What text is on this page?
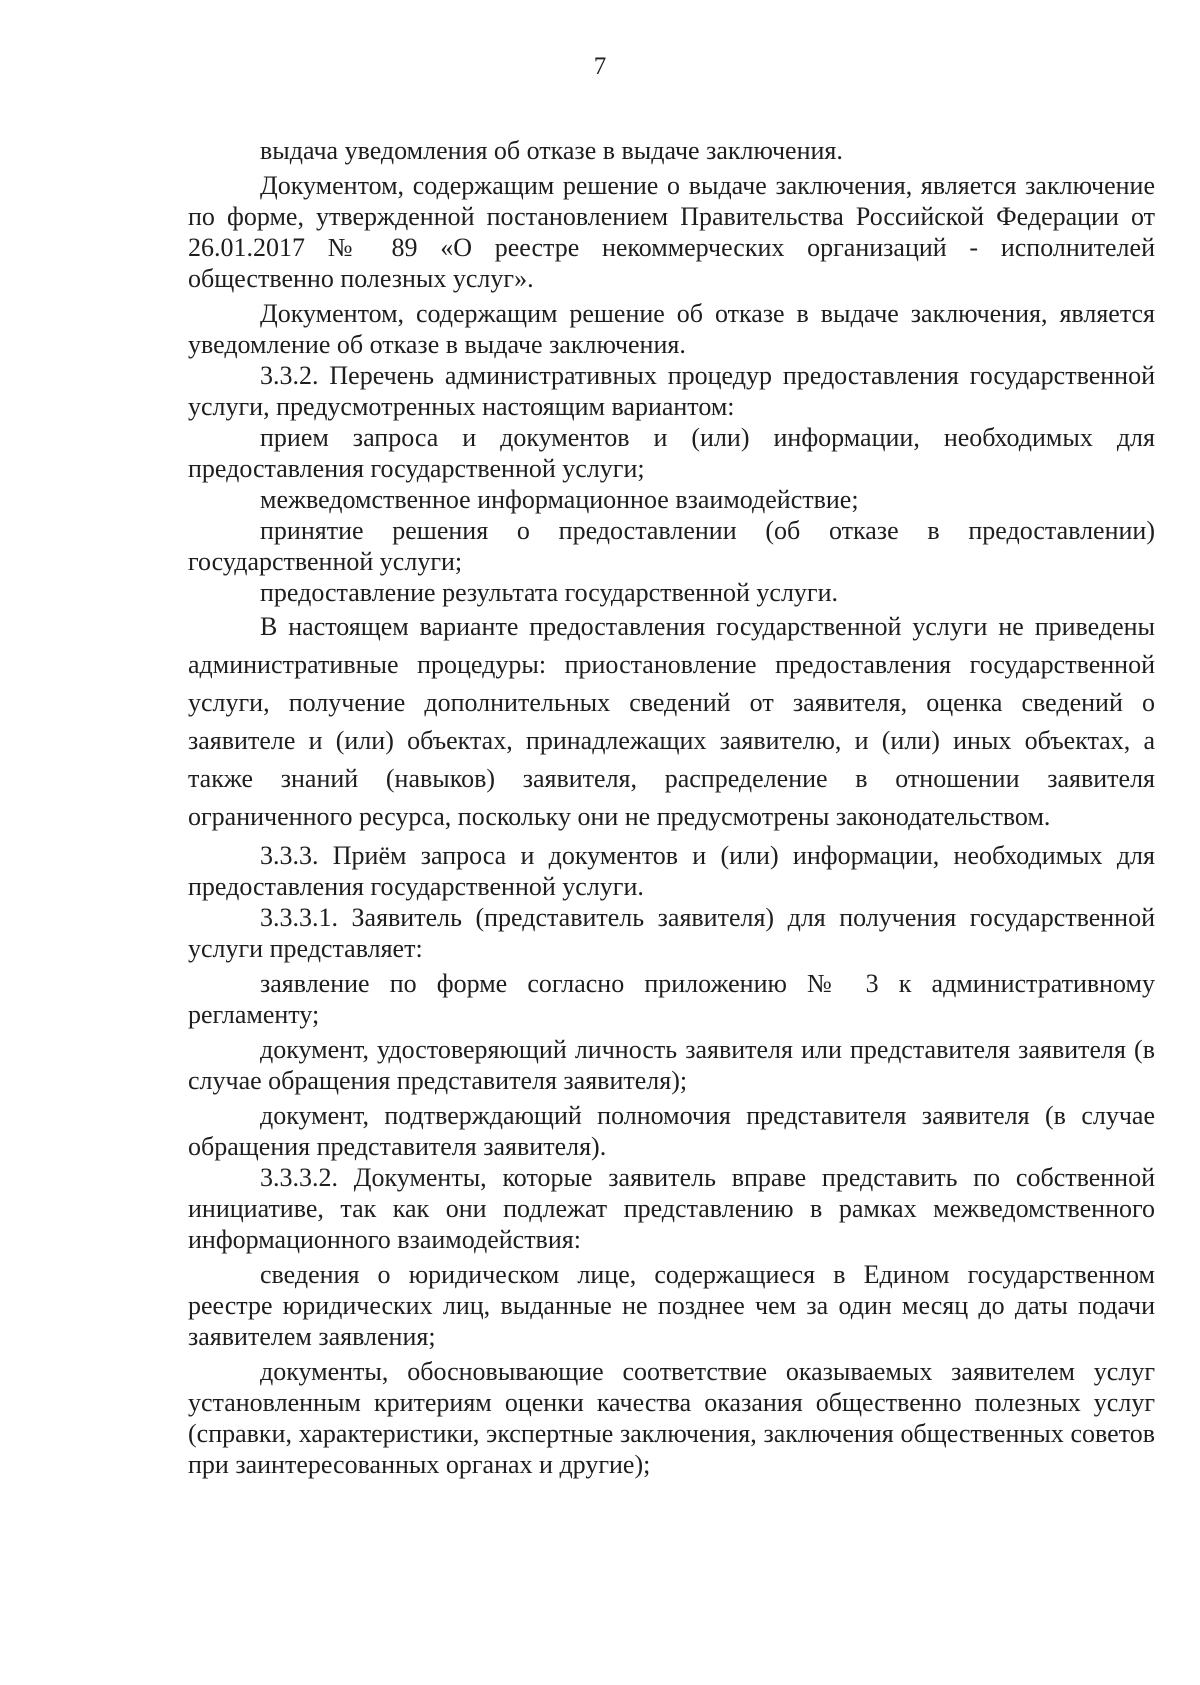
7

выдача уведомления об отказе в выдаче заключения.

Документом, содержащим решение о выдаче заключения, является заключение по форме, утвержденной постановлением Правительства Российской Федерации от 26.01.2017 № 89 «О реестре некоммерческих организаций - исполнителей общественно полезных услуг».

Документом, содержащим решение об отказе в выдаче заключения, является уведомление об отказе в выдаче заключения.

3.3.2. Перечень административных процедур предоставления государственной услуги, предусмотренных настоящим вариантом:

прием запроса и документов и (или) информации, необходимых для предоставления государственной услуги;

межведомственное информационное взаимодействие;

принятие решения о предоставлении (об отказе в предоставлении) государственной услуги;

предоставление результата государственной услуги.

В настоящем варианте предоставления государственной услуги не приведены административные процедуры: приостановление предоставления государственной услуги, получение дополнительных сведений от заявителя, оценка сведений о заявителе и (или) объектах, принадлежащих заявителю, и (или) иных объектах, а также знаний (навыков) заявителя, распределение в отношении заявителя ограниченного ресурса, поскольку они не предусмотрены законодательством.

3.3.3. Приём запроса и документов и (или) информации, необходимых для предоставления государственной услуги.

3.3.3.1. Заявитель (представитель заявителя) для получения государственной услуги представляет:

заявление по форме согласно приложению № 3 к административному регламенту;

документ, удостоверяющий личность заявителя или представителя заявителя (в случае обращения представителя заявителя);

документ, подтверждающий полномочия представителя заявителя (в случае обращения представителя заявителя).

3.3.3.2. Документы, которые заявитель вправе представить по собственной инициативе, так как они подлежат представлению в рамках межведомственного информационного взаимодействия:

сведения о юридическом лице, содержащиеся в Едином государственном реестре юридических лиц, выданные не позднее чем за один месяц до даты подачи заявителем заявления;

документы, обосновывающие соответствие оказываемых заявителем услуг установленным критериям оценки качества оказания общественно полезных услуг (справки, характеристики, экспертные заключения, заключения общественных советов при заинтересованных органах и другие);
